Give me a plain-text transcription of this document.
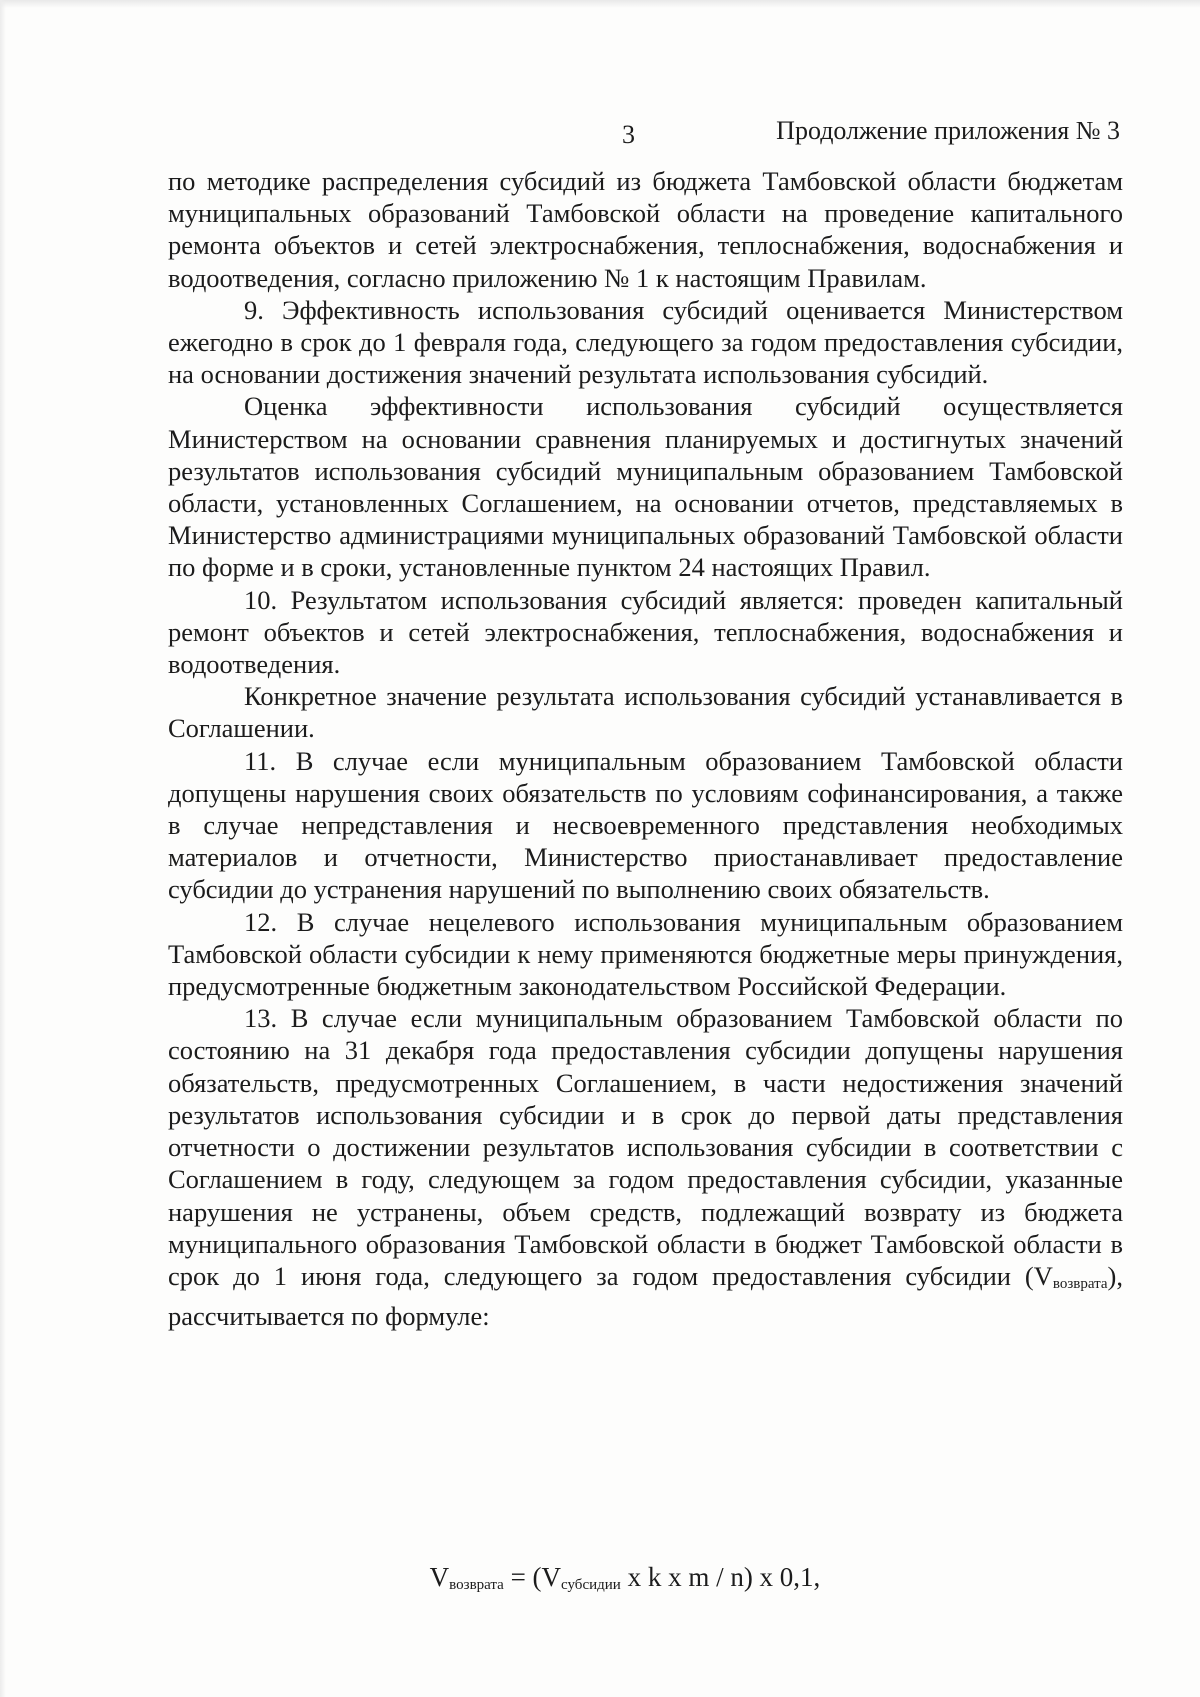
3	Продолжение приложения № 3

по методике распределения субсидий из бюджета Тамбовской области бюджетам муниципальных образований Тамбовской области на проведение капитального ремонта объектов и сетей электроснабжения, теплоснабжения, водоснабжения и водоотведения, согласно приложению № 1 к настоящим Правилам.

9. Эффективность использования субсидий оценивается Министерством ежегодно в срок до 1 февраля года, следующего за годом предоставления субсидии, на основании достижения значений результата использования субсидий.

Оценка эффективности использования субсидий осуществляется Министерством на основании сравнения планируемых и достигнутых значений результатов использования субсидий муниципальным образованием Тамбовской области, установленных Соглашением, на основании отчетов, представляемых в Министерство администрациями муниципальных образований Тамбовской области по форме и в сроки, установленные пунктом 24 настоящих Правил.

10. Результатом использования субсидий является: проведен капитальный ремонт объектов и сетей электроснабжения, теплоснабжения, водоснабжения и водоотведения.

Конкретное значение результата использования субсидий устанавливается в Соглашении.

11. В случае если муниципальным образованием Тамбовской области допущены нарушения своих обязательств по условиям софинансирования, а также в случае непредставления и несвоевременного представления необходимых материалов и отчетности, Министерство приостанавливает предоставление субсидии до устранения нарушений по выполнению своих обязательств.

12. В случае нецелевого использования муниципальным образованием Тамбовской области субсидии к нему применяются бюджетные меры принуждения, предусмотренные бюджетным законодательством Российской Федерации.

13. В случае если муниципальным образованием Тамбовской области по состоянию на 31 декабря года предоставления субсидии допущены нарушения обязательств, предусмотренных Соглашением, в части недостижения значений результатов использования субсидии и в срок до первой даты представления отчетности о достижении результатов использования субсидии в соответствии с Соглашением в году, следующем за годом предоставления субсидии, указанные нарушения не устранены, объем средств, подлежащий возврату из бюджета муниципального образования Тамбовской области в бюджет Тамбовской области в срок до 1 июня года, следующего за годом предоставления субсидии (Vвозврата), рассчитывается по формуле:

$V_{возврата} = (V_{субсидии}$ x k x m / n) x 0,1,
